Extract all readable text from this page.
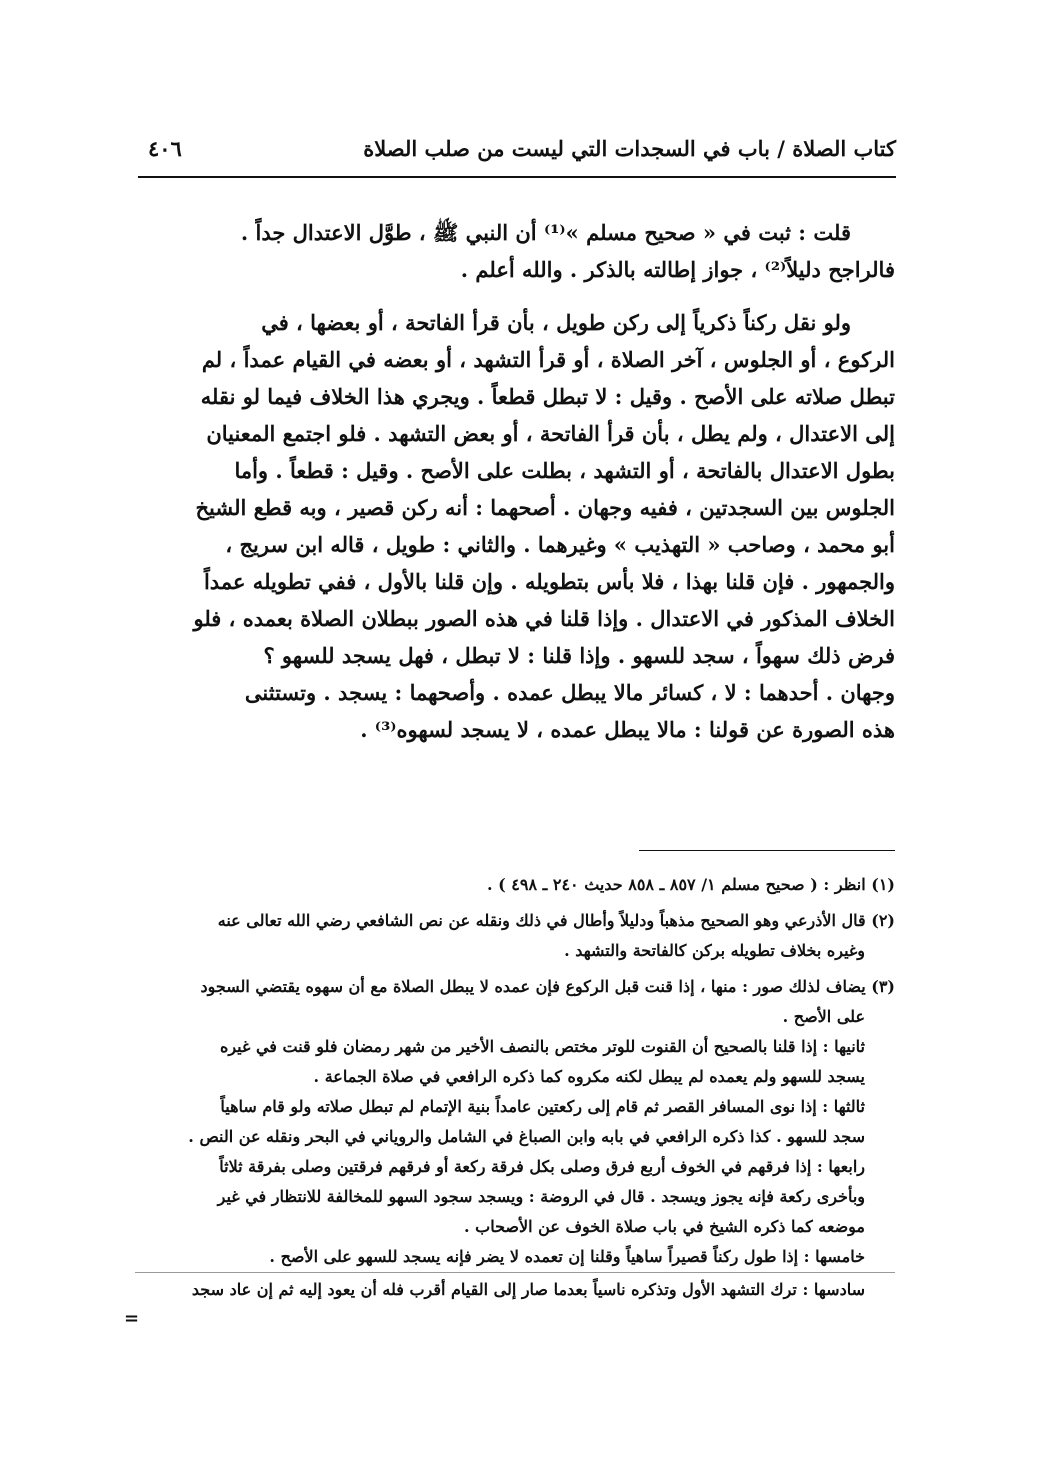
كتاب الصلاة / باب في السجدات التي ليست من صلب الصلاة
٤٠٦
قلت : ثبت في « صحيح مسلم »⁽¹⁾ أن النبي ﷺ ، طوَّل الاعتدال جداً .
فالراجح دليلاً⁽²⁾ ، جواز إطالته بالذكر . والله أعلم .
ولو نقل ركناً ذكرياً إلى ركن طويل ، بأن قرأ الفاتحة ، أو بعضها ، في
الركوع ، أو الجلوس ، آخر الصلاة ، أو قرأ التشهد ، أو بعضه في القيام عمداً ، لم
تبطل صلاته على الأصح . وقيل : لا تبطل قطعاً . ويجري هذا الخلاف فيما لو نقله
إلى الاعتدال ، ولم يطل ، بأن قرأ الفاتحة ، أو بعض التشهد . فلو اجتمع المعنيان
بطول الاعتدال بالفاتحة ، أو التشهد ، بطلت على الأصح . وقيل : قطعاً . وأما
الجلوس بين السجدتين ، ففيه وجهان . أصحهما : أنه ركن قصير ، وبه قطع الشيخ
أبو محمد ، وصاحب « التهذيب » وغيرهما . والثاني : طويل ، قاله ابن سريج ،
والجمهور . فإن قلنا بهذا ، فلا بأس بتطويله . وإن قلنا بالأول ، ففي تطويله عمداً
الخلاف المذكور في الاعتدال . وإذا قلنا في هذه الصور ببطلان الصلاة بعمده ، فلو
فرض ذلك سهواً ، سجد للسهو . وإذا قلنا : لا تبطل ، فهل يسجد للسهو ؟
وجهان . أحدهما : لا ، كسائر مالا يبطل عمده . وأصحهما : يسجد . وتستثنى
هذه الصورة عن قولنا : مالا يبطل عمده ، لا يسجد لسهوه⁽³⁾ .
(١) انظر : ( صحيح مسلم ١/ ٨٥٧ ـ ٨٥٨ حديث ٢٤٠ ـ ٤٩٨ ) .
(٢) قال الأذرعي وهو الصحيح مذهباً ودليلاً وأطال في ذلك ونقله عن نص الشافعي رضي الله تعالى عنه
وغيره بخلاف تطويله بركن كالفاتحة والتشهد .
(٣) يضاف لذلك صور : منها ، إذا قنت قبل الركوع فإن عمده لا يبطل الصلاة مع أن سهوه يقتضي السجود
على الأصح .
ثانيها : إذا قلنا بالصحيح أن القنوت للوتر مختص بالنصف الأخير من شهر رمضان فلو قنت في غيره
يسجد للسهو ولم يعمده لم يبطل لكنه مكروه كما ذكره الرافعي في صلاة الجماعة .
ثالثها : إذا نوى المسافر القصر ثم قام إلى ركعتين عامداً بنية الإتمام لم تبطل صلاته ولو قام ساهياً
سجد للسهو . كذا ذكره الرافعي في بابه وابن الصباغ في الشامل والروياني في البحر ونقله عن النص .
رابعها : إذا فرقهم في الخوف أربع فرق وصلى بكل فرقة ركعة أو فرقهم فرقتين وصلى بفرقة ثلاثاً
وبأخرى ركعة فإنه يجوز ويسجد . قال في الروضة : ويسجد سجود السهو للمخالفة للانتظار في غير
موضعه كما ذكره الشيخ في باب صلاة الخوف عن الأصحاب .
خامسها : إذا طول ركناً قصيراً ساهياً وقلنا إن تعمده لا يضر فإنه يسجد للسهو على الأصح .
سادسها : ترك التشهد الأول وتذكره ناسياً بعدما صار إلى القيام أقرب فله أن يعود إليه ثم إن عاد سجد
=
